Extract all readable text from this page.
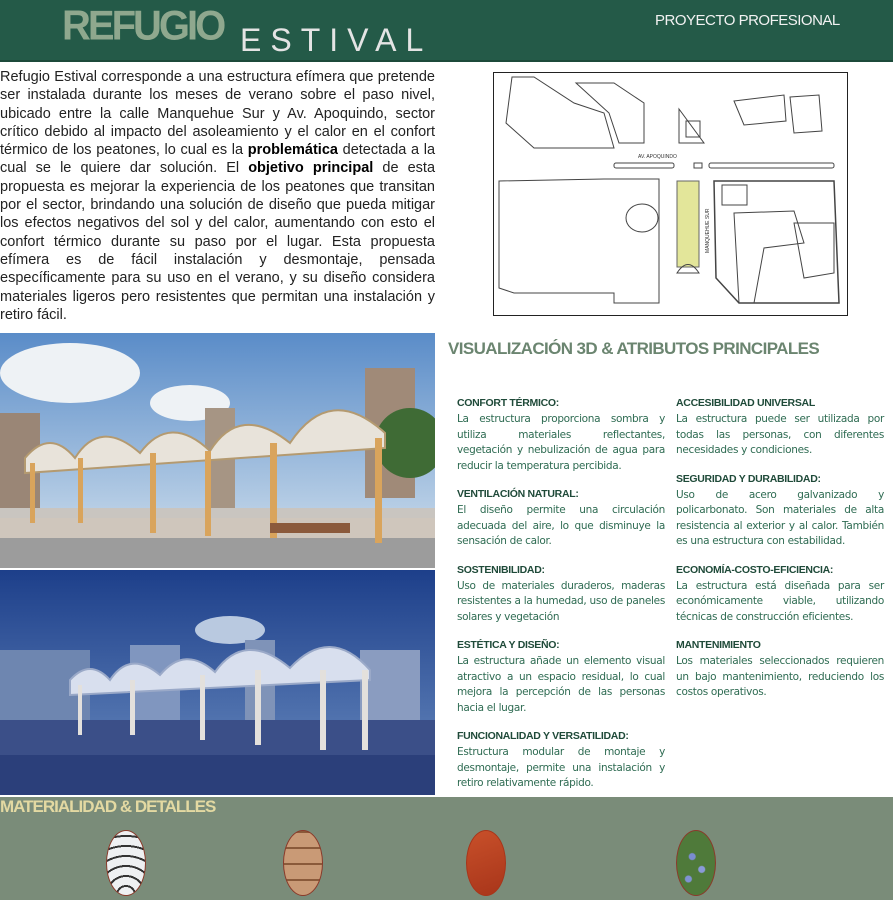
REFUGIO ESTIVAL
PROYECTO PROFESIONAL
Refugio Estival corresponde a una estructura efímera que pretende ser instalada durante los meses de verano sobre el paso nivel, ubicado entre la calle Manquehue Sur y Av. Apoquindo, sector crítico debido al impacto del asoleamiento y el calor en el confort térmico de los peatones, lo cual es la problemática detectada a la cual se le quiere dar solución. El objetivo principal de esta propuesta es mejorar la experiencia de los peatones que transitan por el sector, brindando una solución de diseño que pueda mitigar los efectos negativos del sol y del calor, aumentando con esto el confort térmico durante su paso por el lugar. Esta propuesta efímera es de fácil instalación y desmontaje, pensada específicamente para su uso en el verano, y su diseño considera materiales ligeros pero resistentes que permitan una instalación y retiro fácil.
AV. APOQUINDO
MANQUEHUE SUR
VISUALIZACIÓN 3D & ATRIBUTOS PRINCIPALES
CONFORT TÉRMICO:

La estructura proporciona sombra y utiliza materiales reflectantes, vegetación y nebulización de agua para reducir la temperatura percibida.

VENTILACIÓN NATURAL:

El diseño permite una circulación adecuada del aire, lo que disminuye la sensación de calor.

SOSTENIBILIDAD:

Uso de materiales duraderos, maderas resistentes a la humedad, uso de paneles solares y vegetación

ESTÉTICA Y DISEÑO:

La estructura añade un elemento visual atractivo a un espacio residual, lo cual mejora la percepción de las personas hacia el lugar.

FUNCIONALIDAD Y VERSATILIDAD:

Estructura modular de montaje y desmontaje, permite una instalación y retiro relativamente rápido.

ACCESIBILIDAD UNIVERSAL

La estructura puede ser utilizada por todas las personas, con diferentes necesidades y condiciones.

SEGURIDAD Y DURABILIDAD:

Uso de acero galvanizado y policarbonato. Son materiales de alta resistencia al exterior y al calor. También es una estructura con estabilidad.

ECONOMÍA-COSTO-EFICIENCIA:

La estructura está diseñada para ser económicamente viable, utilizando técnicas de construcción eficientes.

MANTENIMIENTO

Los materiales seleccionados requieren un bajo mantenimiento, reduciendo los costos operativos.

MATERIALIDAD & DETALLES
